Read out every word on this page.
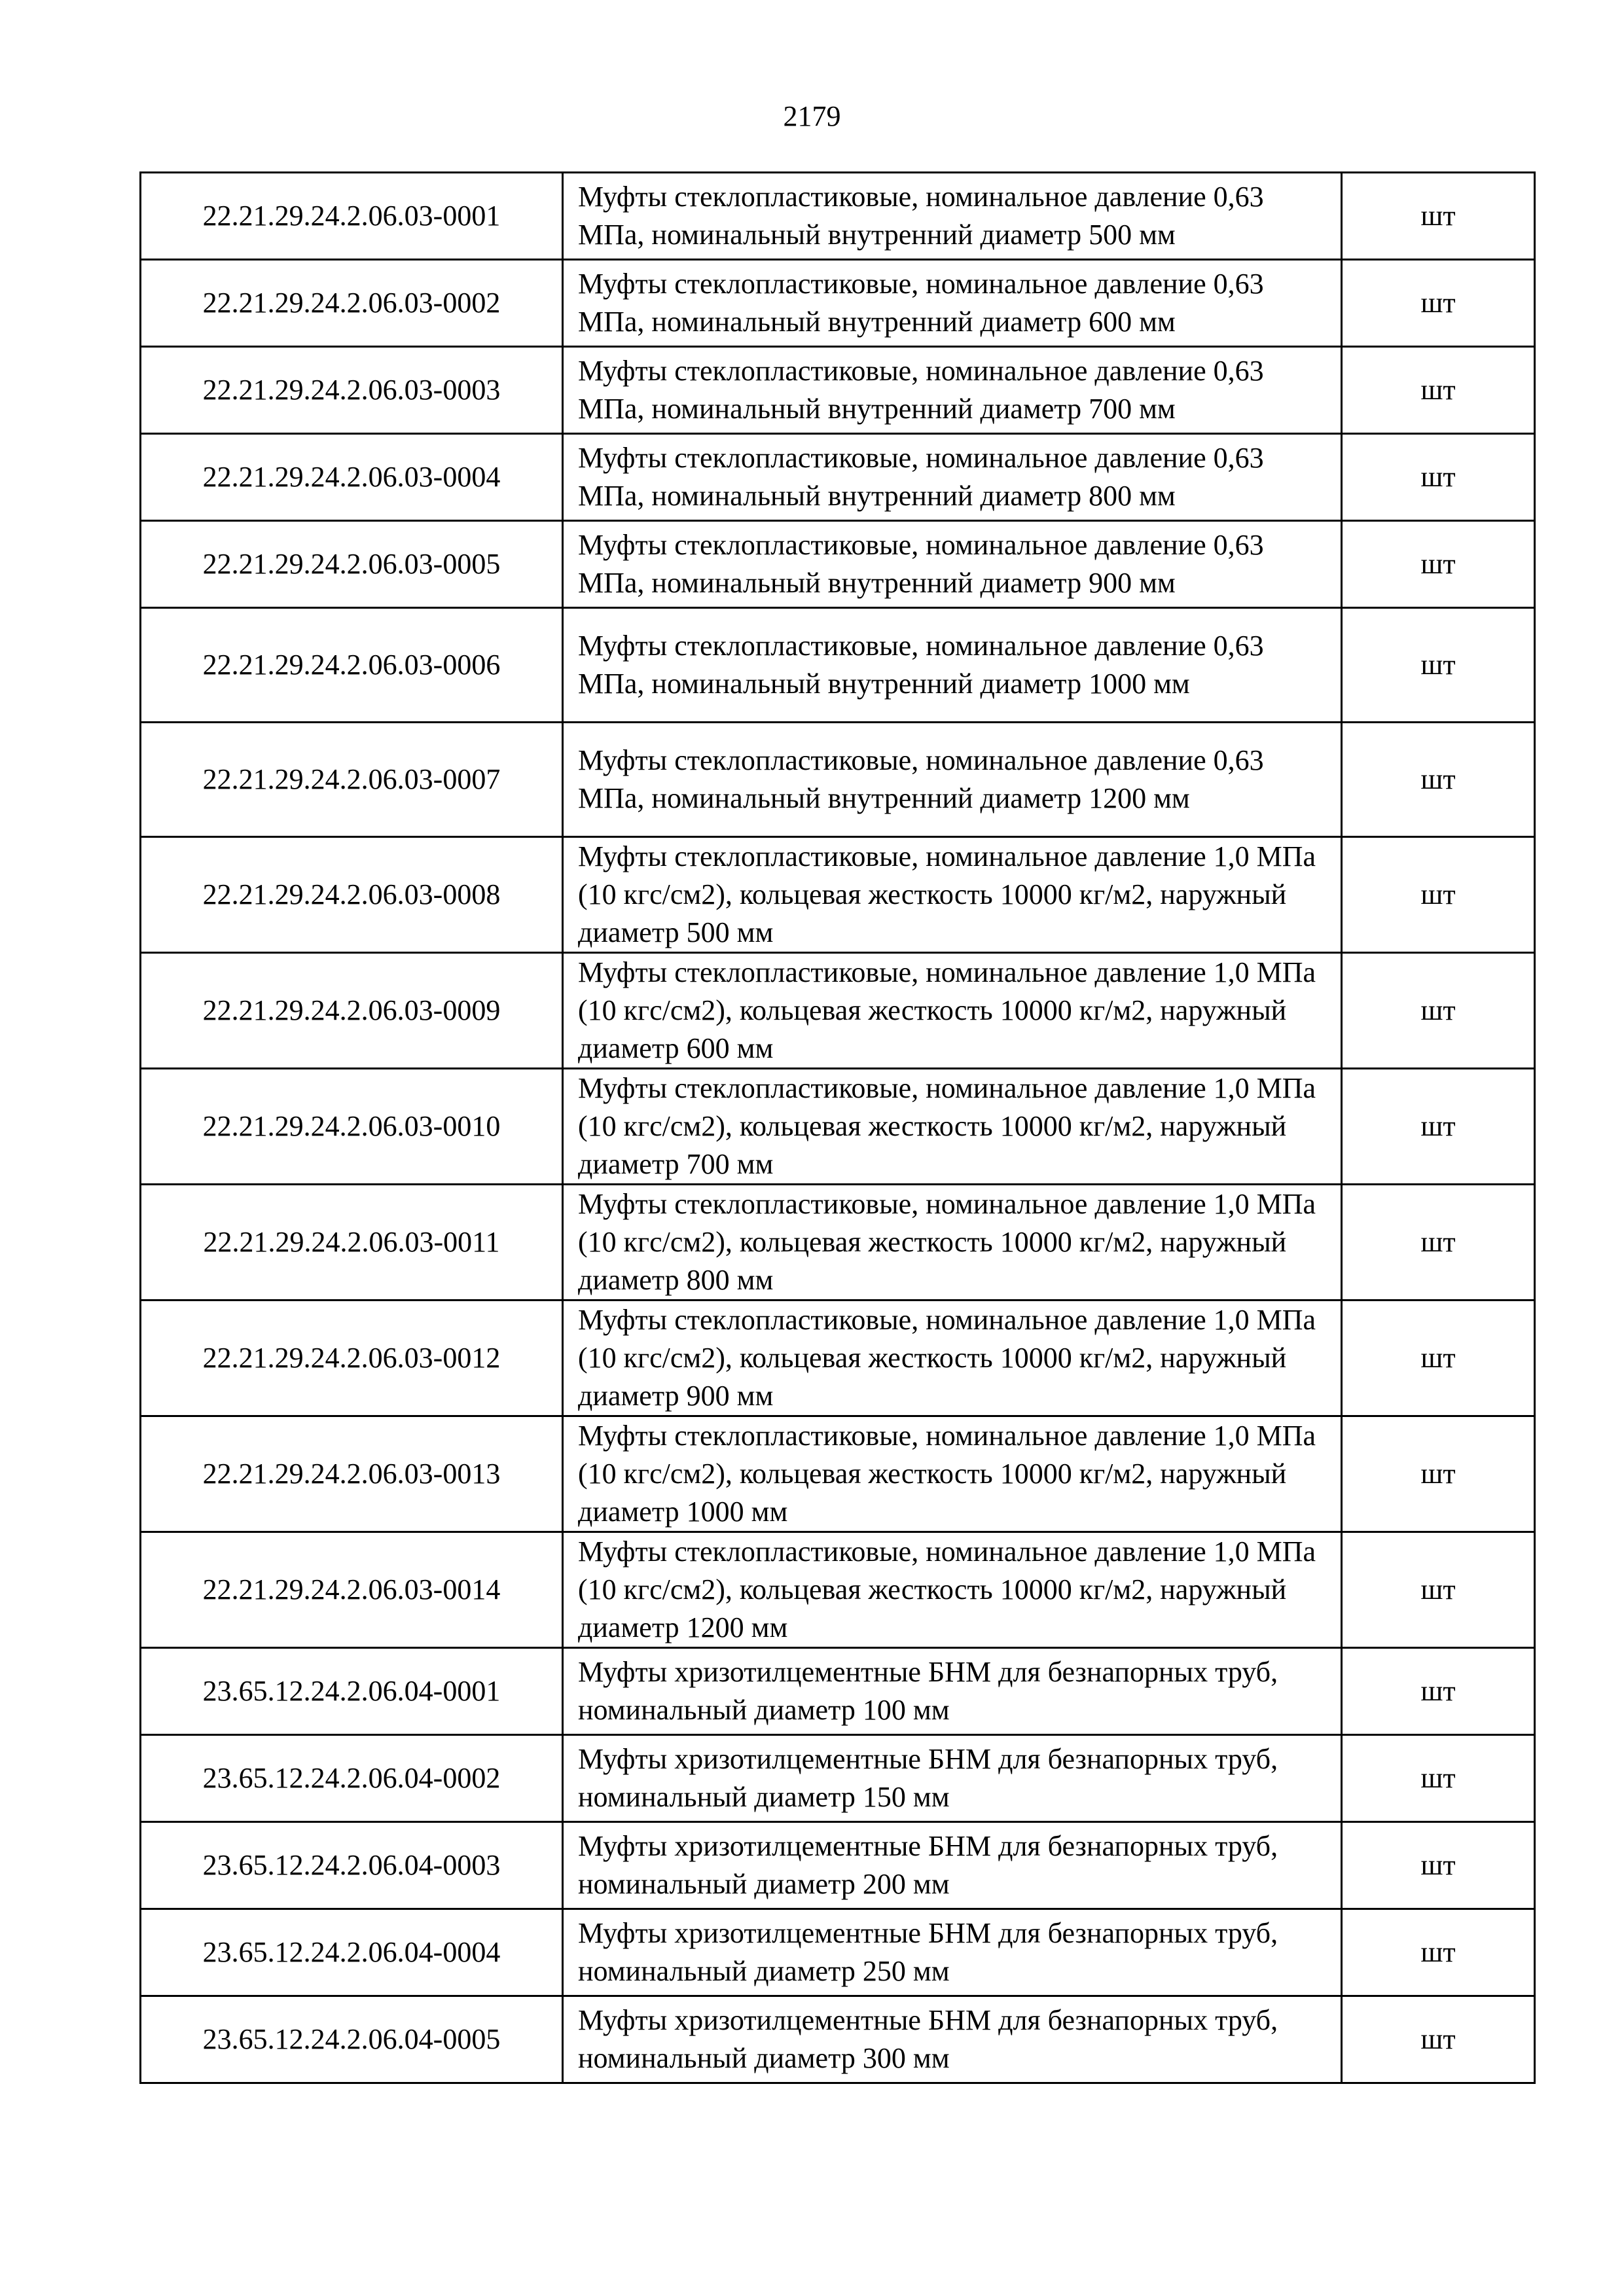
2179
22.21.29.24.2.06.03-0001	Муфты стеклопластиковые, номинальное давление 0,63 МПа, номинальный внутренний диаметр 500 мм	шт
22.21.29.24.2.06.03-0002	Муфты стеклопластиковые, номинальное давление 0,63 МПа, номинальный внутренний диаметр 600 мм	шт
22.21.29.24.2.06.03-0003	Муфты стеклопластиковые, номинальное давление 0,63 МПа, номинальный внутренний диаметр 700 мм	шт
22.21.29.24.2.06.03-0004	Муфты стеклопластиковые, номинальное давление 0,63 МПа, номинальный внутренний диаметр 800 мм	шт
22.21.29.24.2.06.03-0005	Муфты стеклопластиковые, номинальное давление 0,63 МПа, номинальный внутренний диаметр 900 мм	шт
22.21.29.24.2.06.03-0006	Муфты стеклопластиковые, номинальное давление 0,63 МПа, номинальный внутренний диаметр 1000 мм	шт
22.21.29.24.2.06.03-0007	Муфты стеклопластиковые, номинальное давление 0,63 МПа, номинальный внутренний диаметр 1200 мм	шт
22.21.29.24.2.06.03-0008	Муфты стеклопластиковые, номинальное давление 1,0 МПа (10 кгс/см2), кольцевая жесткость 10000 кг/м2, наружный диаметр 500 мм	шт
22.21.29.24.2.06.03-0009	Муфты стеклопластиковые, номинальное давление 1,0 МПа (10 кгс/см2), кольцевая жесткость 10000 кг/м2, наружный диаметр 600 мм	шт
22.21.29.24.2.06.03-0010	Муфты стеклопластиковые, номинальное давление 1,0 МПа (10 кгс/см2), кольцевая жесткость 10000 кг/м2, наружный диаметр 700 мм	шт
22.21.29.24.2.06.03-0011	Муфты стеклопластиковые, номинальное давление 1,0 МПа (10 кгс/см2), кольцевая жесткость 10000 кг/м2, наружный диаметр 800 мм	шт
22.21.29.24.2.06.03-0012	Муфты стеклопластиковые, номинальное давление 1,0 МПа (10 кгс/см2), кольцевая жесткость 10000 кг/м2, наружный диаметр 900 мм	шт
22.21.29.24.2.06.03-0013	Муфты стеклопластиковые, номинальное давление 1,0 МПа (10 кгс/см2), кольцевая жесткость 10000 кг/м2, наружный диаметр 1000 мм	шт
22.21.29.24.2.06.03-0014	Муфты стеклопластиковые, номинальное давление 1,0 МПа (10 кгс/см2), кольцевая жесткость 10000 кг/м2, наружный диаметр 1200 мм	шт
23.65.12.24.2.06.04-0001	Муфты хризотилцементные БНМ для безнапорных труб, номинальный диаметр 100 мм	шт
23.65.12.24.2.06.04-0002	Муфты хризотилцементные БНМ для безнапорных труб, номинальный диаметр 150 мм	шт
23.65.12.24.2.06.04-0003	Муфты хризотилцементные БНМ для безнапорных труб, номинальный диаметр 200 мм	шт
23.65.12.24.2.06.04-0004	Муфты хризотилцементные БНМ для безнапорных труб, номинальный диаметр 250 мм	шт
23.65.12.24.2.06.04-0005	Муфты хризотилцементные БНМ для безнапорных труб, номинальный диаметр 300 мм	шт
